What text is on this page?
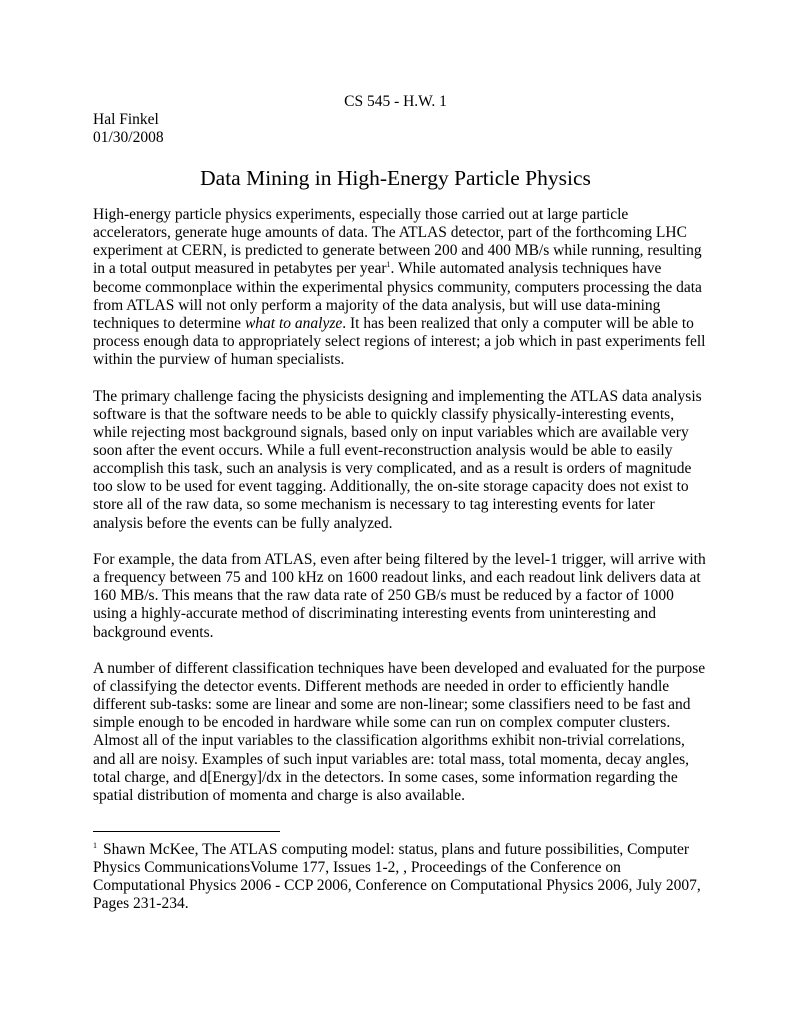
CS 545 - H.W. 1

Hal Finkel
01/30/2008
Data Mining in High-Energy Particle Physics

High-energy particle physics experiments, especially those carried out at large particle accelerators, generate huge amounts of data. The ATLAS detector, part of the forthcoming LHC experiment at CERN, is predicted to generate between 200 and 400 MB/s while running, resulting in a total output measured in petabytes per year$^1$. While automated analysis techniques have become commonplace within the experimental physics community, computers processing the data from ATLAS will not only perform a majority of the data analysis, but will use data-mining techniques to determine what to analyze. It has been realized that only a computer will be able to process enough data to appropriately select regions of interest; a job which in past experiments fell within the purview of human specialists.

The primary challenge facing the physicists designing and implementing the ATLAS data analysis software is that the software needs to be able to quickly classify physically-interesting events, while rejecting most background signals, based only on input variables which are available very soon after the event occurs. While a full event-reconstruction analysis would be able to easily accomplish this task, such an analysis is very complicated, and as a result is orders of magnitude too slow to be used for event tagging. Additionally, the on-site storage capacity does not exist to store all of the raw data, so some mechanism is necessary to tag interesting events for later analysis before the events can be fully analyzed.

For example, the data from ATLAS, even after being filtered by the level-1 trigger, will arrive with a frequency between 75 and 100 kHz on 1600 readout links, and each readout link delivers data at 160 MB/s. This means that the raw data rate of 250 GB/s must be reduced by a factor of 1000 using a highly-accurate method of discriminating interesting events from uninteresting and background events.

A number of different classification techniques have been developed and evaluated for the purpose of classifying the detector events. Different methods are needed in order to efficiently handle different sub-tasks: some are linear and some are non-linear; some classifiers need to be fast and simple enough to be encoded in hardware while some can run on complex computer clusters. Almost all of the input variables to the classification algorithms exhibit non-trivial correlations, and all are noisy. Examples of such input variables are: total mass, total momenta, decay angles, total charge, and d[Energy]/dx in the detectors. In some cases, some information regarding the spatial distribution of momenta and charge is also available.

$^1$ Shawn McKee, The ATLAS computing model: status, plans and future possibilities, Computer Physics CommunicationsVolume 177, Issues 1-2, , Proceedings of the Conference on Computational Physics 2006 - CCP 2006, Conference on Computational Physics 2006, July 2007, Pages 231-234.
